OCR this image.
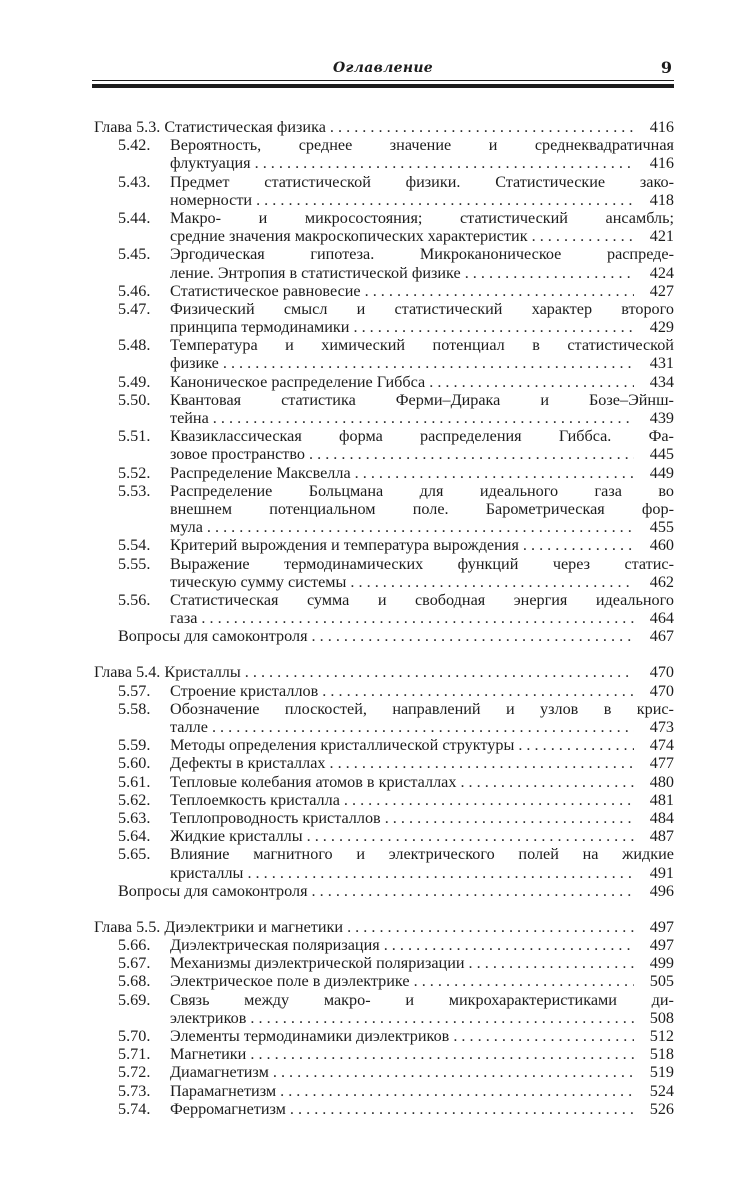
Оглавление	9
Глава 5.3. Статистическая физика . . .	416
5.42. Вероятность, среднее значение и среднеквадратичная
флуктуация . . .	416
5.43. Предмет статистической физики. Статистические зако-
номерности . . .	418
5.44. Макро- и микросостояния; статистический ансамбль;
средние значения макроскопических характеристик . . .	421
5.45. Эргодическая	гипотеза.	Микроканоническое	распреде-
ление. Энтропия в статистической физике . . .	424
5.46. Статистическое равновесие . . .	427
5.47. Физический смысл и статистический характер второго
принципа термодинамики . . .	429
5.48. Температура и химический потенциал в статистической
физике . . .	431
5.49. Каноническое распределение Гиббса . . .	434
5.50. Квантовая статистика Ферми–Дирака и Бозе–Эйнш-
тейна . . .	439
5.51. Квазиклассическая форма распределения Гиббса. Фа-
зовое пространство . . .	445
5.52. Распределение Максвелла . . .	449
5.53. Распределение Больцмана для идеального газа во
внешнем потенциальном поле. Барометрическая фор-
мула . . .	455
5.54. Критерий вырождения и температура вырождения . . .	460
5.55. Выражение термодинамических функций через статис-
тическую сумму системы . . .	462
5.56. Статистическая сумма и свободная энергия идеального
газа . . .	464
Вопросы для самоконтроля . . .	467
Глава 5.4. Кристаллы . . .	470
5.57. Строение кристаллов . . .	470
5.58. Обозначение плоскостей, направлений и узлов в крис-
талле . . .	473
5.59. Методы определения кристаллической структуры . . .	474
5.60. Дефекты в кристаллах . . .	477
5.61. Тепловые колебания атомов в кристаллах . . .	480
5.62. Теплоемкость кристалла . . .	481
5.63. Теплопроводность кристаллов . . .	484
5.64. Жидкие кристаллы . . .	487
5.65. Влияние магнитного и электрического полей на жидкие
кристаллы . . .	491
Вопросы для самоконтроля . . .	496
Глава 5.5. Диэлектрики и магнетики . . .	497
5.66. Диэлектрическая поляризация . . .	497
5.67. Механизмы диэлектрической поляризации . . .	499
5.68. Электрическое поле в диэлектрике . . .	505
5.69. Связь между макро- и микрохарактеристиками ди-
электриков . . .	508
5.70. Элементы термодинамики диэлектриков . . .	512
5.71. Магнетики . . .	518
5.72. Диамагнетизм . . .	519
5.73. Парамагнетизм . . .	524
5.74. Ферромагнетизм . . .	526
